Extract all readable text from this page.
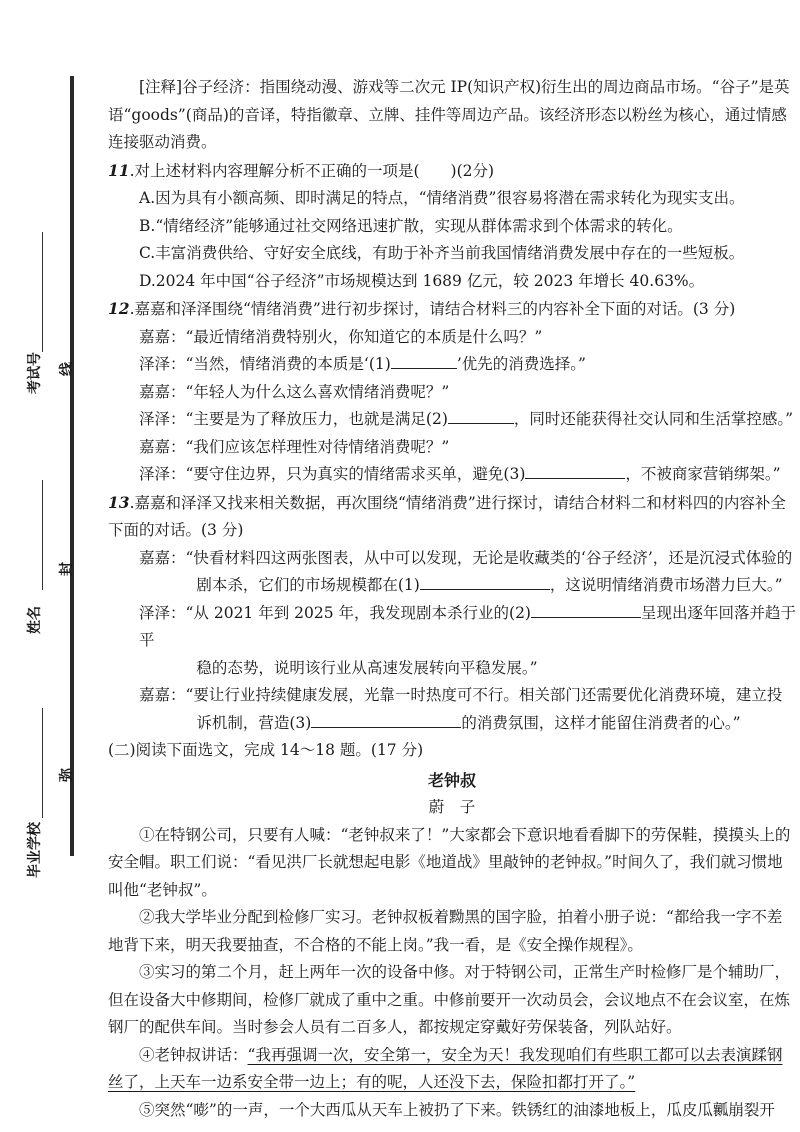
考试号 线
姓名
封
毕业学校
弥

[注释]谷子经济：指围绕动漫、游戏等二次元 IP(知识产权)衍生出的周边商品市场。“谷子”是英语“goods”(商品)的音译，特指徽章、立牌、挂件等周边产品。该经济形态以粉丝为核心，通过情感连接驱动消费。

11.对上述材料内容理解分析不正确的一项是(　　)(2分)

A.因为具有小额高频、即时满足的特点，“情绪消费”很容易将潜在需求转化为现实支出。

B.“情绪经济”能够通过社交网络迅速扩散，实现从群体需求到个体需求的转化。

C.丰富消费供给、守好安全底线，有助于补齐当前我国情绪消费发展中存在的一些短板。

D.2024 年中国“谷子经济”市场规模达到 1689 亿元，较 2023 年增长 40.63%。

12.嘉嘉和泽泽围绕“情绪消费”进行初步探讨，请结合材料三的内容补全下面的对话。(3 分)

嘉嘉：“最近情绪消费特别火，你知道它的本质是什么吗？”

泽泽：“当然，情绪消费的本质是‘(1)	’优先的消费选择。”

嘉嘉：“年轻人为什么这么喜欢情绪消费呢？”

泽泽：“主要是为了释放压力，也就是满足(2)	，同时还能获得社交认同和生活掌控感。”

嘉嘉：“我们应该怎样理性对待情绪消费呢？”

泽泽：“要守住边界，只为真实的情绪需求买单，避免(3)	，不被商家营销绑架。”

13.嘉嘉和泽泽又找来相关数据，再次围绕“情绪消费”进行探讨，请结合材料二和材料四的内容补全下面的对话。(3 分)

嘉嘉：“快看材料四这两张图表，从中可以发现，无论是收藏类的‘谷子经济’，还是沉浸式体验的

剧本杀，它们的市场规模都在(1)	，这说明情绪消费市场潜力巨大。”

泽泽：“从 2021 年到 2025 年，我发现剧本杀行业的(2)	呈现出逐年回落并趋于平

稳的态势，说明该行业从高速发展转向平稳发展。”

嘉嘉：“要让行业持续健康发展，光靠一时热度可不行。相关部门还需要优化消费环境，建立投

诉机制，营造(3)	的消费氛围，这样才能留住消费者的心。”

(二)阅读下面选文，完成 14～18 题。(17 分)

老钟叔

蔚　子

①在特钢公司，只要有人喊：“老钟叔来了！”大家都会下意识地看看脚下的劳保鞋，摸摸头上的安全帽。职工们说：“看见洪厂长就想起电影《地道战》里敲钟的老钟叔。”时间久了，我们就习惯地叫他“老钟叔”。

②我大学毕业分配到检修厂实习。老钟叔板着黝黑的国字脸，拍着小册子说：“都给我一字不差地背下来，明天我要抽查，不合格的不能上岗。”我一看，是《安全操作规程》。

③实习的第二个月，赶上两年一次的设备中修。对于特钢公司，正常生产时检修厂是个辅助厂，但在设备大中修期间，检修厂就成了重中之重。中修前要开一次动员会，会议地点不在会议室，在炼钢厂的配供车间。当时参会人员有二百多人，都按规定穿戴好劳保装备，列队站好。

④老钟叔讲话：“我再强调一次，安全第一，安全为天！我发现咱们有些职工都可以去表演蹂钢丝了，上天车一边系安全带一边上；有的呢，人还没下去，保险扣都打开了。”

⑤突然“嘭”的一声，一个大西瓜从天车上被扔了下来。铁锈红的油漆地板上，瓜皮瓜瓤崩裂开
